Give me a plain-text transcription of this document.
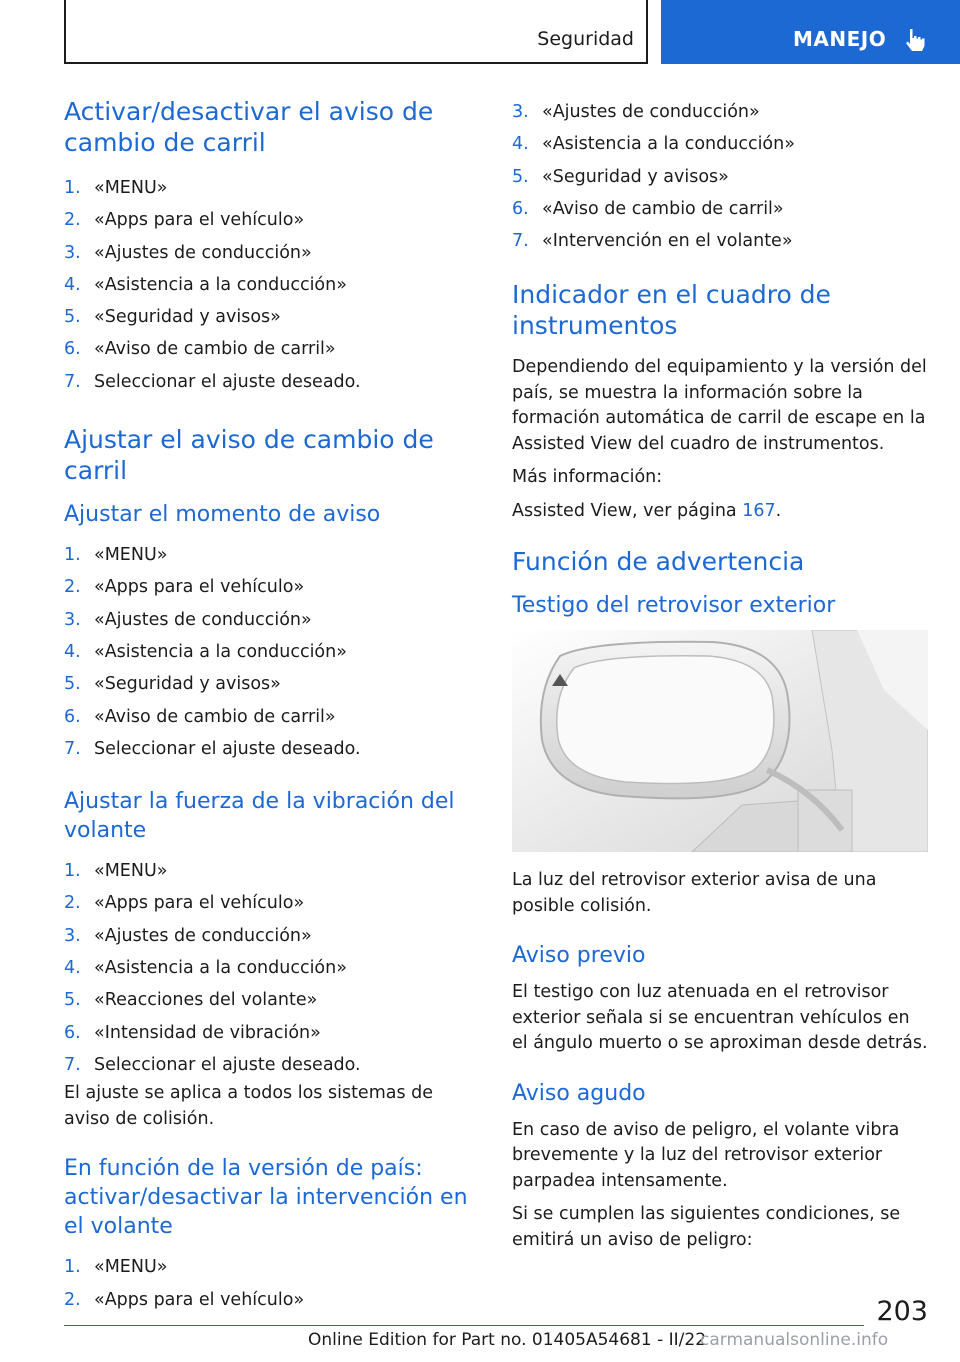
Seguridad	MANEJO
Activar/desactivar el aviso de cambio de carril
1. «MENU»
2. «Apps para el vehículo»
3. «Ajustes de conducción»
4. «Asistencia a la conducción»
5. «Seguridad y avisos»
6. «Aviso de cambio de carril»
7. Seleccionar el ajuste deseado.
Ajustar el aviso de cambio de carril
Ajustar el momento de aviso
1. «MENU»
2. «Apps para el vehículo»
3. «Ajustes de conducción»
4. «Asistencia a la conducción»
5. «Seguridad y avisos»
6. «Aviso de cambio de carril»
7. Seleccionar el ajuste deseado.
Ajustar la fuerza de la vibración del volante
1. «MENU»
2. «Apps para el vehículo»
3. «Ajustes de conducción»
4. «Asistencia a la conducción»
5. «Reacciones del volante»
6. «Intensidad de vibración»
7. Seleccionar el ajuste deseado.

El ajuste se aplica a todos los sistemas de aviso de colisión.

En función de la versión de país: activar/desactivar la intervención en el volante
1. «MENU»
2. «Apps para el vehículo»
3. «Ajustes de conducción»
4. «Asistencia a la conducción»
5. «Seguridad y avisos»
6. «Aviso de cambio de carril»
7. «Intervención en el volante»
Indicador en el cuadro de instrumentos

Dependiendo del equipamiento y la versión del país, se muestra la información sobre la formación automática de carril de escape en la Assisted View del cuadro de instrumentos.

Más información:

Assisted View, ver página 167.

Función de advertencia
Testigo del retrovisor exterior

La luz del retrovisor exterior avisa de una posible colisión.

Aviso previo

El testigo con luz atenuada en el retrovisor exterior señala si se encuentran vehículos en el ángulo muerto o se aproximan desde detrás.

Aviso agudo

En caso de aviso de peligro, el volante vibra brevemente y la luz del retrovisor exterior parpadea intensamente.

Si se cumplen las siguientes condiciones, se emitirá un aviso de peligro:

203
Online Edition for Part no. 01405A54681 - II/22
carmanualsonline.info
